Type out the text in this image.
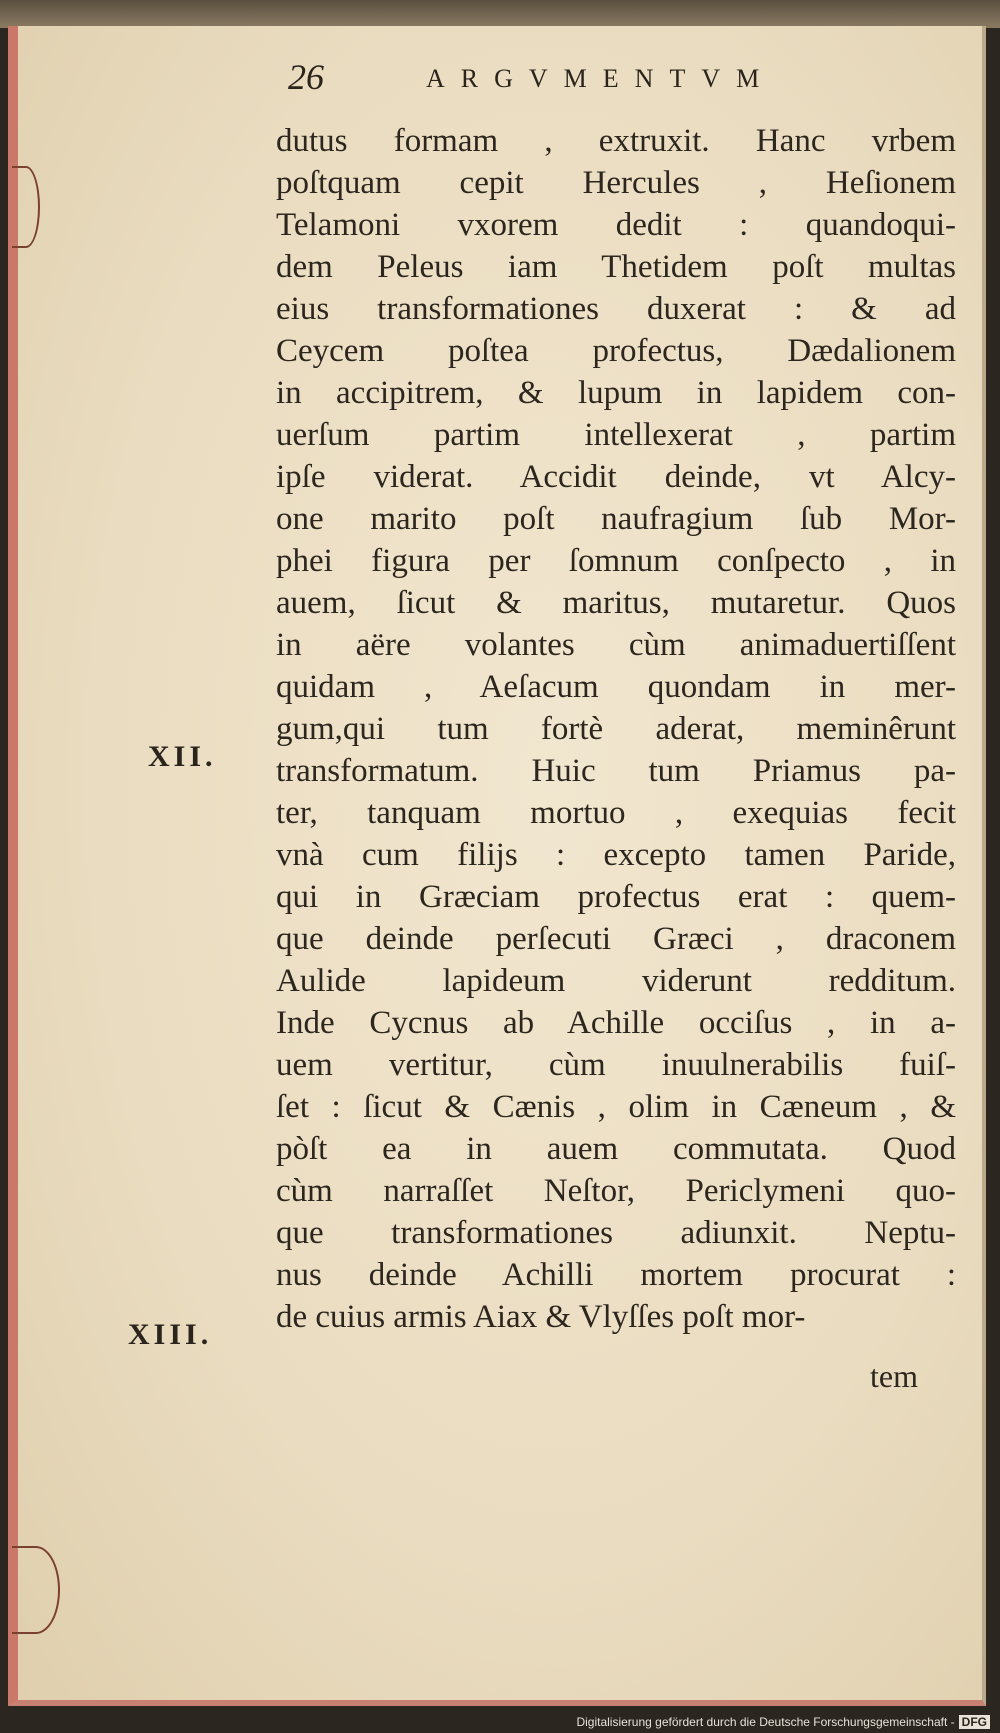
26	ARGVMENTVM
XII.
XIII.
dutus formam , extruxit. Hanc vrbem
poſtquam cepit Hercules , Heſionem
Telamoni vxorem dedit : quandoqui-
dem Peleus iam Thetidem poſt multas
eius transformationes duxerat : & ad
Ceycem poſtea profectus, Dædalionem
in accipitrem, & lupum in lapidem con-
uerſum partim intellexerat , partim
ipſe viderat. Accidit deinde, vt Alcy-
one marito poſt naufragium ſub Mor-
phei figura per ſomnum conſpecto , in
auem, ſicut & maritus, mutaretur. Quos
in aëre volantes cùm animaduertiſſent
quidam , Aeſacum quondam in mer-
gum,qui tum fortè aderat, meminêrunt
transformatum. Huic tum Priamus pa-
ter, tanquam mortuo , exequias fecit
vnà cum filijs : excepto tamen Paride,
qui in Græciam profectus erat : quem-
que deinde perſecuti Græci , draconem
Aulide lapideum viderunt redditum.
Inde Cycnus ab Achille occiſus , in a-
uem vertitur, cùm inuulnerabilis fuiſ-
ſet : ſicut & Cænis , olim in Cæneum , &
pòſt ea in auem commutata. Quod
cùm narraſſet Neſtor, Periclymeni quo-
que transformationes adiunxit. Neptu-
nus deinde Achilli mortem procurat :
de cuius armis Aiax & Vlyſſes poſt mor-
tem
Digitalisierung gefördert durch die Deutsche Forschungsgemeinschaft - DFG
